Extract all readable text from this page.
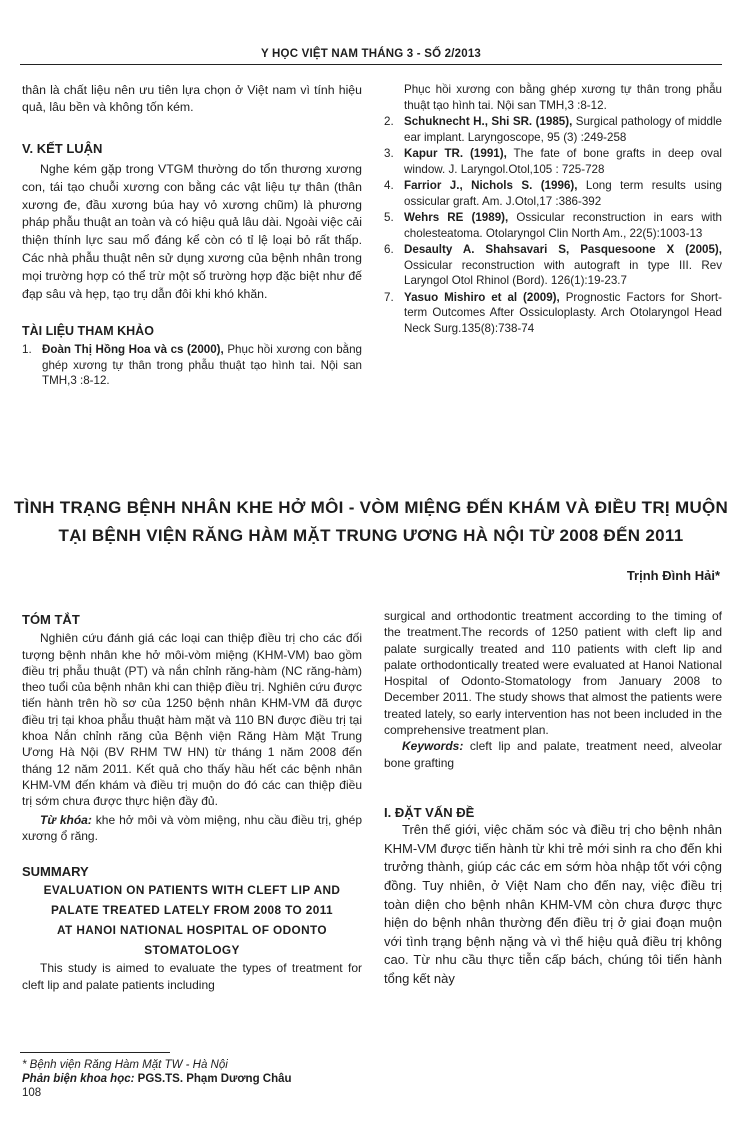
Y HỌC VIỆT NAM THÁNG 3 - SỐ 2/2013

thân là chất liệu nên ưu tiên lựa chọn ở Việt nam vì tính hiệu quả, lâu bền và không tốn kém.

V. KẾT LUẬN

Nghe kém gặp trong VTGM thường do tổn thương xương con, tái tạo chuỗi xương con bằng các vật liệu tự thân (thân xương đe, đầu xương búa hay vỏ xương chũm) là phương pháp phẫu thuật an toàn và có hiệu quả lâu dài. Ngoài việc cải thiện thính lực sau mổ đáng kể còn có tỉ lệ loại bỏ rất thấp. Các nhà phẫu thuật nên sử dụng xương của bệnh nhân trong mọi trường hợp có thể trừ một số trường hợp đặc biệt như đế đạp sâu và hẹp, tạo trụ dẫn đôi khi khó khăn.

TÀI LIỆU THAM KHẢO

1. Đoàn Thị Hồng Hoa và cs (2000), Phục hồi xương con bằng ghép xương tự thân trong phẫu thuật tạo hình tai. Nội san TMH,3 :8-12.
Phục hồi xương con bằng ghép xương tự thân trong phẫu thuật tạo hình tai. Nội san TMH,3 :8-12.
2. Schuknecht H., Shi SR. (1985), Surgical pathology of middle ear implant. Laryngoscope, 95 (3) :249-258
3. Kapur TR. (1991), The fate of bone grafts in deep oval window. J. Laryngol.Otol,105 : 725-728
4. Farrior J., Nichols S. (1996), Long term results using ossicular graft. Am. J.Otol,17 :386-392
5. Wehrs RE (1989), Ossicular reconstruction in ears with cholesteatoma. Otolaryngol Clin North Am., 22(5):1003-13
6. Desaulty A. Shahsavari S, Pasquesoone X (2005), Ossicular reconstruction with autograft in type III. Rev Laryngol Otol Rhinol (Bord). 126(1):19-23.7
7. Yasuo Mishiro et al (2009), Prognostic Factors for Short-term Outcomes After Ossiculoplasty. Arch Otolaryngol Head Neck Surg.135(8):738-74
TÌNH TRẠNG BỆNH NHÂN KHE HỞ MÔI - VÒM MIỆNG ĐẾN KHÁM VÀ ĐIỀU TRỊ MUỘN
TẠI BỆNH VIỆN RĂNG HÀM MẶT TRUNG ƯƠNG HÀ NỘI TỪ 2008 ĐẾN 2011
Trịnh Đình Hải*

TÓM TẮT

Nghiên cứu đánh giá các loại can thiệp điều trị cho các đối tượng bệnh nhân khe hở môi-vòm miệng (KHM-VM) bao gồm điều trị phẫu thuật (PT) và nắn chỉnh răng-hàm (NC răng-hàm) theo tuổi của bệnh nhân khi can thiệp điều trị. Nghiên cứu được tiến hành trên hồ sơ của 1250 bệnh nhân KHM-VM đã được điều trị tại khoa phẫu thuật hàm mặt và 110 BN được điều trị tại khoa Nắn chỉnh răng của Bệnh viện Răng Hàm Mặt Trung Ương Hà Nội (BV RHM TW HN) từ tháng 1 năm 2008 đến tháng 12 năm 2011. Kết quả cho thấy hầu hết các bệnh nhân KHM-VM đến khám và điều trị muộn do đó các can thiệp điều trị sớm chưa được thực hiện đầy đủ.

Từ khóa: khe hở môi và vòm miệng, nhu cầu điều trị, ghép xương ổ răng.

SUMMARY

EVALUATION ON PATIENTS WITH CLEFT LIP AND
PALATE TREATED LATELY FROM 2008 TO 2011
AT HANOI NATIONAL HOSPITAL OF ODONTO
STOMATOLOGY

This study is aimed to evaluate the types of treatment for cleft lip and palate patients including

surgical and orthodontic treatment according to the timing of the treatment.The records of 1250 patient with cleft lip and palate surgically treated and 110 patients with cleft lip and palate orthodontically treated were evaluated at Hanoi National Hospital of Odonto-Stomatology from January 2008 to December 2011. The study shows that almost the patients were treated lately, so early intervention has not been included in the comprehensive treatment plan.

Keywords: cleft lip and palate, treatment need, alveolar bone grafting

I. ĐẶT VẤN ĐỀ

Trên thế giới, việc chăm sóc và điều trị cho bệnh nhân KHM-VM được tiến hành từ khi trẻ mới sinh ra cho đến khi trưởng thành, giúp các các em sớm hòa nhập tốt với cộng đồng. Tuy nhiên, ở Việt Nam cho đến nay, việc điều trị toàn diện cho bệnh nhân KHM-VM còn chưa được thực hiện do bệnh nhân thường đến điều trị ở giai đoạn muộn với tình trạng bệnh nặng và vì thế hiệu quả điều trị không cao. Từ nhu cầu thực tiễn cấp bách, chúng tôi tiến hành tổng kết này

* Bệnh viện Răng Hàm Mặt TW - Hà Nội
Phản biện khoa học: PGS.TS. Phạm Dương Châu
108
